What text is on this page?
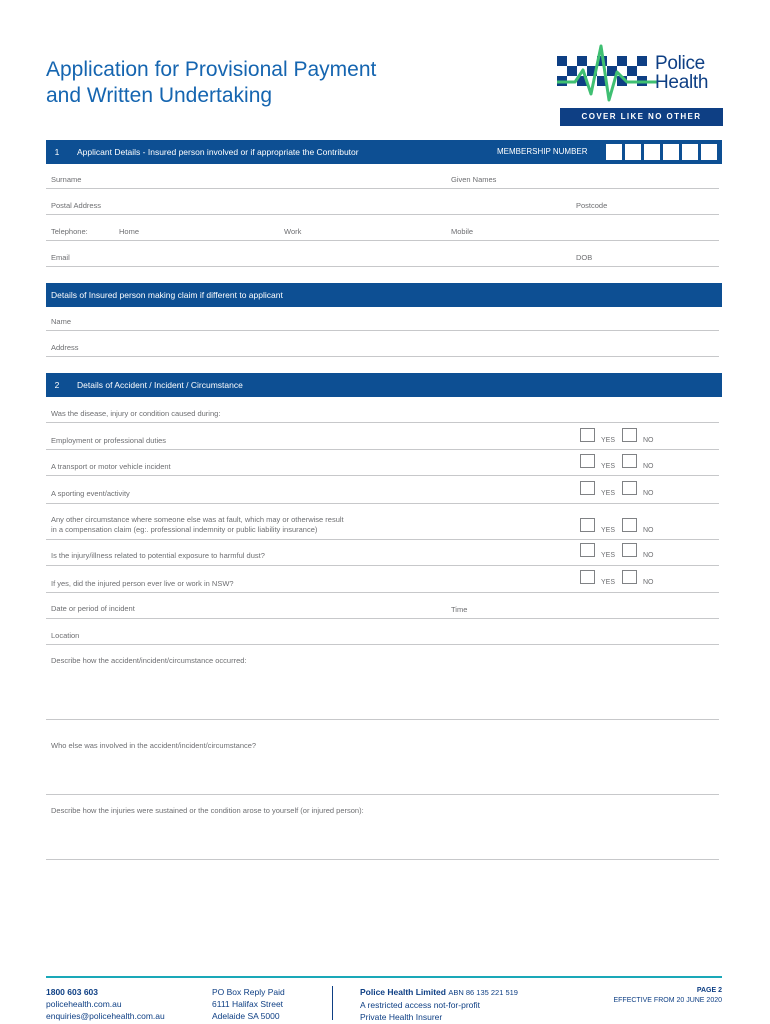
Application for Provisional Payment
and Written Undertaking
Police
Health
COVER LIKE NO OTHER
1	Applicant Details - Insured person involved or if appropriate the Contributor	MEMBERSHIP NUMBER
Surname	Given Names
Postal Address	Postcode
Telephone:	Home	Work	Mobile
Email	DOB
Details of Insured person making claim if different to applicant
Name
Address
2	Details of Accident / Incident / Circumstance
Was the disease, injury or condition caused during:
Employment or professional duties	YES	NO
A transport or motor vehicle incident	YES	NO
A sporting event/activity	YES	NO
Any other circumstance where someone else was at fault, which may or otherwise result
in a compensation claim (eg:. professional indemnity or public liability insurance)	YES	NO
Is the injury/illness related to potential exposure to harmful dust?	YES	NO
If yes, did the injured person ever live or work in NSW?	YES	NO
Date or period of incident	Time
Location
Describe how the accident/incident/circumstance occurred:
Who else was involved in the accident/incident/circumstance?
Describe how the injuries were sustained or the condition arose to yourself (or injured person):
1800 603 603
policehealth.com.au
enquiries@policehealth.com.au
PO Box Reply Paid
6111 Halifax Street
Adelaide SA 5000
Police Health Limited ABN 86 135 221 519
A restricted access not-for-profit
Private Health Insurer
PAGE 2
EFFECTIVE FROM 20 JUNE 2020
